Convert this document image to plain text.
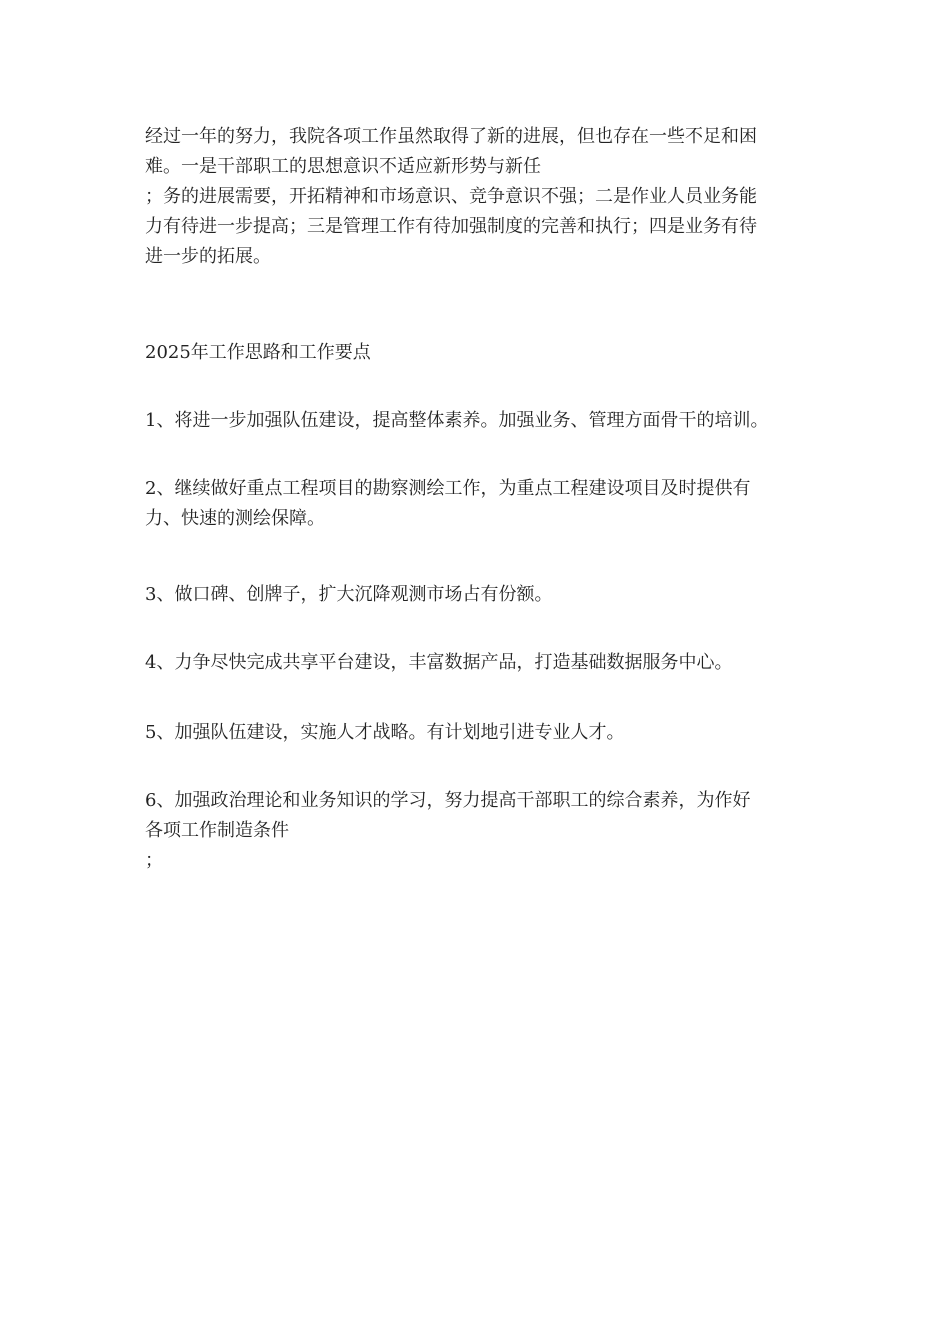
经过一年的努力，我院各项工作虽然取得了新的进展，但也存在一些不足和困
难。一是干部职工的思想意识不适应新形势与新任
；务的进展需要，开拓精神和市场意识、竞争意识不强；二是作业人员业务能
力有待进一步提高；三是管理工作有待加强制度的完善和执行；四是业务有待
进一步的拓展。
2025年工作思路和工作要点
1、将进一步加强队伍建设，提高整体素养。加强业务、管理方面骨干的培训。
2、继续做好重点工程项目的勘察测绘工作，为重点工程建设项目及时提供有
力、快速的测绘保障。
3、做口碑、创牌子，扩大沉降观测市场占有份额。
4、力争尽快完成共享平台建设，丰富数据产品，打造基础数据服务中心。
5、加强队伍建设，实施人才战略。有计划地引进专业人才。
6、加强政治理论和业务知识的学习，努力提高干部职工的综合素养，为作好
各项工作制造条件
；
